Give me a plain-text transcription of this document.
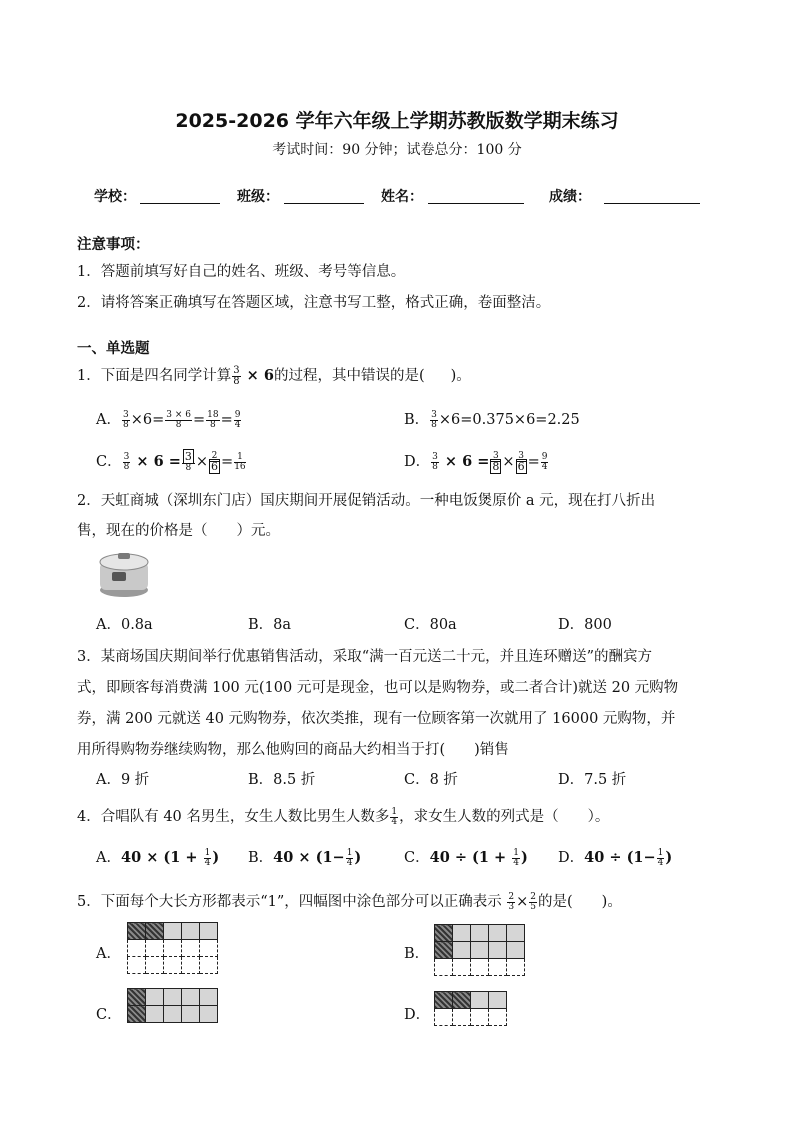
2025-2026 学年六年级上学期苏教版数学期末练习
考试时间：90 分钟；试卷总分：100 分
学校：	班级：	姓名：	成绩：
注意事项：
1．答题前填写好自己的姓名、班级、考号等信息。
2．请将答案正确填写在答题区域，注意书写工整，格式正确，卷面整洁。
一、单选题
1．下面是四名同学计算 $\frac{3}{8} \times 6$的过程，其中错误的是( )。
A． $\frac{3}{8} \times 6= \frac{3 \times 6}{8} = \frac{18}{8} = \frac{9}{4}$	B． $\frac{3}{8} \times 6=0.375\times 6=2.25$
C． $\frac{3}{8} \times 6 = \frac{3}{8} \times \frac{2}{6} = \frac{1}{16}$	D． $\frac{3}{8} \times 6 = \frac{3}{8} \times \frac{3}{6} = \frac{9}{4}$
2．天虹商城（深圳东门店）国庆期间开展促销活动。一种电饭煲原价 a 元，现在打八折出
售，现在的价格是（　　）元。
A．0.8a	B．8a	C．80a	D．800
3．某商场国庆期间举行优惠销售活动，采取“满一百元送二十元，并且连环赠送”的酬宾方
式，即顾客每消费满 100 元(100 元可是现金，也可以是购物券，或二者合计)就送 20 元购物
券，满 200 元就送 40 元购物券，依次类推，现有一位顾客第一次就用了 16000 元购物，并
用所得购物券继续购物，那么他购回的商品大约相当于打(　　)销售
A．9 折	B．8.5 折	C．8 折	D．7.5 折
4．合唱队有 40 名男生，女生人数比男生人数多 $\frac{1}{4}$ ，求女生人数的列式是（　　）。
A．$40 \times (1 + \frac{1}{4}$ ) B．$40 \times (1- \frac{1}{4}$ )	C．$40 \div (1 + \frac{1}{4}$ ) D．$40 \div (1- \frac{1}{4}$ )
5．下面每个大长方形都表示“1”，四幅图中涂色部分可以正确表示 $\frac{2}{3} \times \frac{2}{5}$ 的是(　　)。
A．

					B．

C．

					D．
